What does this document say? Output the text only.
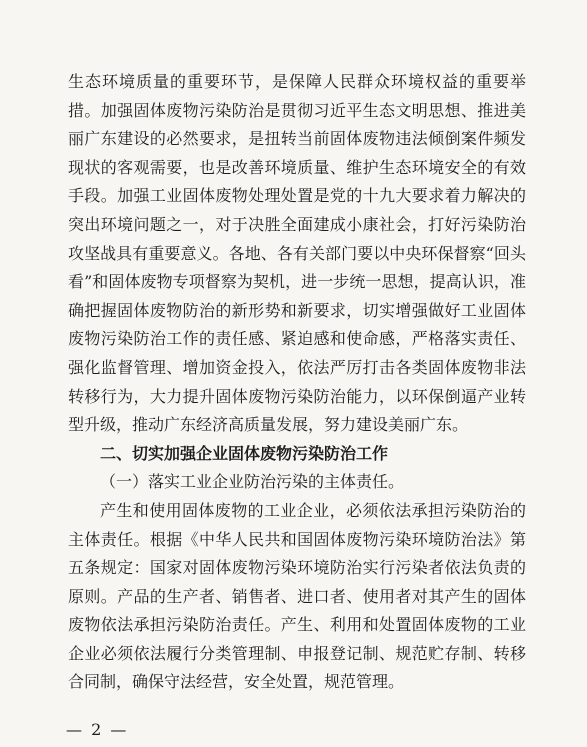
生态环境质量的重要环节，是保障人民群众环境权益的重要举措。加强固体废物污染防治是贯彻习近平生态文明思想、推进美丽广东建设的必然要求，是扭转当前固体废物违法倾倒案件频发现状的客观需要，也是改善环境质量、维护生态环境安全的有效手段。加强工业固体废物处理处置是党的十九大要求着力解决的突出环境问题之一，对于决胜全面建成小康社会，打好污染防治攻坚战具有重要意义。各地、各有关部门要以中央环保督察“回头看”和固体废物专项督察为契机，进一步统一思想，提高认识，准确把握固体废物防治的新形势和新要求，切实增强做好工业固体废物污染防治工作的责任感、紧迫感和使命感，严格落实责任、强化监督管理、增加资金投入，依法严厉打击各类固体废物非法转移行为，大力提升固体废物污染防治能力，以环保倒逼产业转型升级，推动广东经济高质量发展，努力建设美丽广东。

二、切实加强企业固体废物污染防治工作

（一）落实工业企业防治污染的主体责任。

产生和使用固体废物的工业企业，必须依法承担污染防治的主体责任。根据《中华人民共和国固体废物污染环境防治法》第五条规定：国家对固体废物污染环境防治实行污染者依法负责的原则。产品的生产者、销售者、进口者、使用者对其产生的固体废物依法承担污染防治责任。产生、利用和处置固体废物的工业企业必须依法履行分类管理制、申报登记制、规范贮存制、转移合同制，确保守法经营，安全处置，规范管理。

— 2 —
